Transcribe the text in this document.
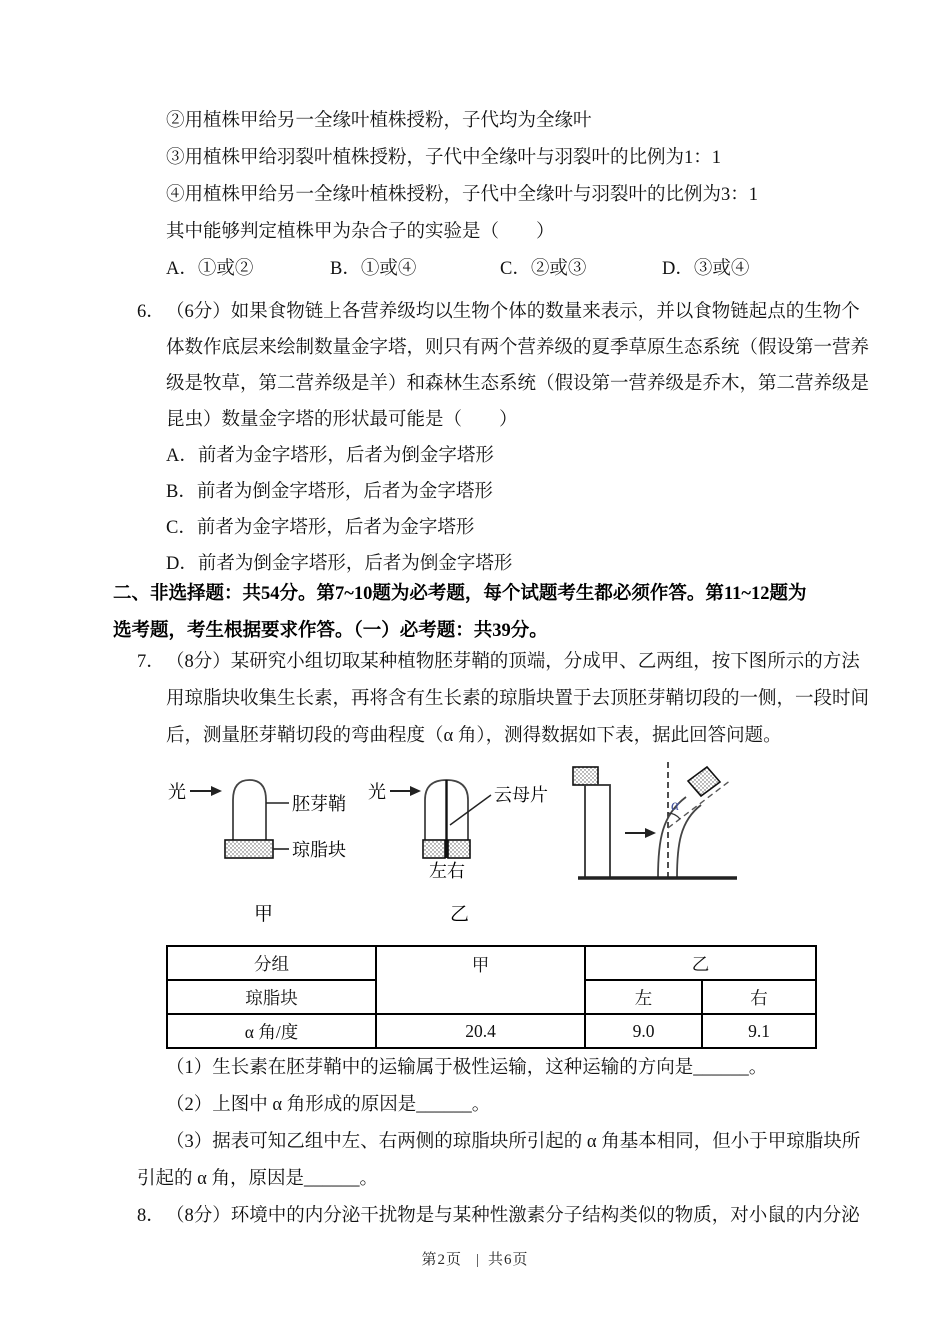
②用植株甲给另一全缘叶植株授粉，子代均为全缘叶
③用植株甲给羽裂叶植株授粉，子代中全缘叶与羽裂叶的比例为1：1
④用植株甲给另一全缘叶植株授粉，子代中全缘叶与羽裂叶的比例为3：1
其中能够判定植株甲为杂合子的实验是（　　）
A．①或②	B．①或④	C．②或③	D．③或④
6． （6分）如果食物链上各营养级均以生物个体的数量来表示，并以食物链起点的生物个
体数作底层来绘制数量金字塔，则只有两个营养级的夏季草原生态系统（假设第一营养
级是牧草，第二营养级是羊）和森林生态系统（假设第一营养级是乔木，第二营养级是
昆虫）数量金字塔的形状最可能是（　　）
A．前者为金字塔形，后者为倒金字塔形
B．前者为倒金字塔形，后者为金字塔形
C．前者为金字塔形，后者为金字塔形
D．前者为倒金字塔形，后者为倒金字塔形
二、非选择题：共54分。第7~10题为必考题，每个试题考生都必须作答。第11~12题为
选考题，考生根据要求作答。（一）必考题：共39分。
7． （8分）某研究小组切取某种植物胚芽鞘的顶端，分成甲、乙两组，按下图所示的方法
用琼脂块收集生长素，再将含有生长素的琼脂块置于去顶胚芽鞘切段的一侧，一段时间
后，测量胚芽鞘切段的弯曲程度（α 角），测得数据如下表，据此回答问题。
光
胚芽鞘
琼脂块
甲
光	云母片
左右
乙
α
分组	甲	乙	
琼脂块		左	右
α 角/度	20.4	9.0	9.1
（1）生长素在胚芽鞘中的运输属于极性运输，这种运输的方向是______。
（2）上图中 α 角形成的原因是______。
（3）据表可知乙组中左、右两侧的琼脂块所引起的 α 角基本相同，但小于甲琼脂块所
引起的 α 角，原因是______。
8． （8分）环境中的内分泌干扰物是与某种性激素分子结构类似的物质，对小鼠的内分泌
第2页 | 共6页
